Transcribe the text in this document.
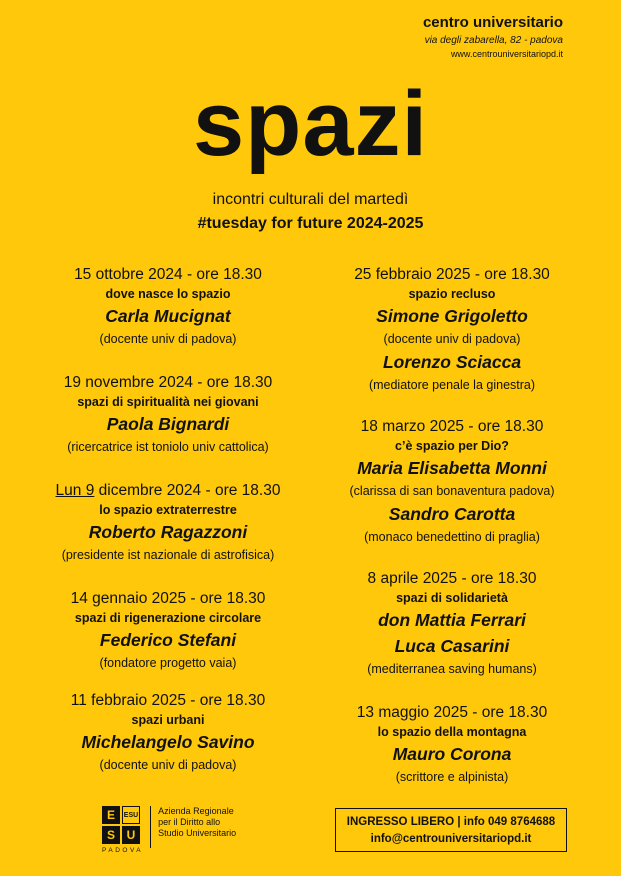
centro universitario
via degli zabarella, 82 - padova
www.centrouniversitariopd.it
spazi
incontri culturali del martedì
#tuesday for future 2024-2025
15 ottobre 2024 - ore 18.30
dove nasce lo spazio
Carla Mucignat
(docente univ di padova)
19 novembre 2024 - ore 18.30
spazi di spiritualità nei giovani
Paola Bignardi
(ricercatrice ist toniolo univ cattolica)
Lun 9 dicembre 2024 - ore 18.30
lo spazio extraterrestre
Roberto Ragazzoni
(presidente ist nazionale di astrofisica)
14 gennaio 2025 - ore 18.30
spazi di rigenerazione circolare
Federico Stefani
(fondatore progetto vaia)
11 febbraio 2025 - ore 18.30
spazi urbani
Michelangelo Savino
(docente univ di padova)
25 febbraio 2025 - ore 18.30
spazio recluso
Simone Grigoletto
(docente univ di padova)
Lorenzo Sciacca
(mediatore penale la ginestra)
18 marzo 2025 - ore 18.30
c’è spazio per Dio?
Maria Elisabetta Monni
(clarissa di san bonaventura padova)
Sandro Carotta
(monaco benedettino di praglia)
8 aprile 2025 - ore 18.30
spazi di solidarietà
don Mattia Ferrari
Luca Casarini
(mediterranea saving humans)
13 maggio 2025 - ore 18.30
lo spazio della montagna
Mauro Corona
(scrittore e alpinista)
E	ESU
S U
PADOVA
Azienda Regionale
per il Diritto allo
Studio Universitario
INGRESSO LIBERO | info 049 8764688
info@centrouniversitariopd.it
